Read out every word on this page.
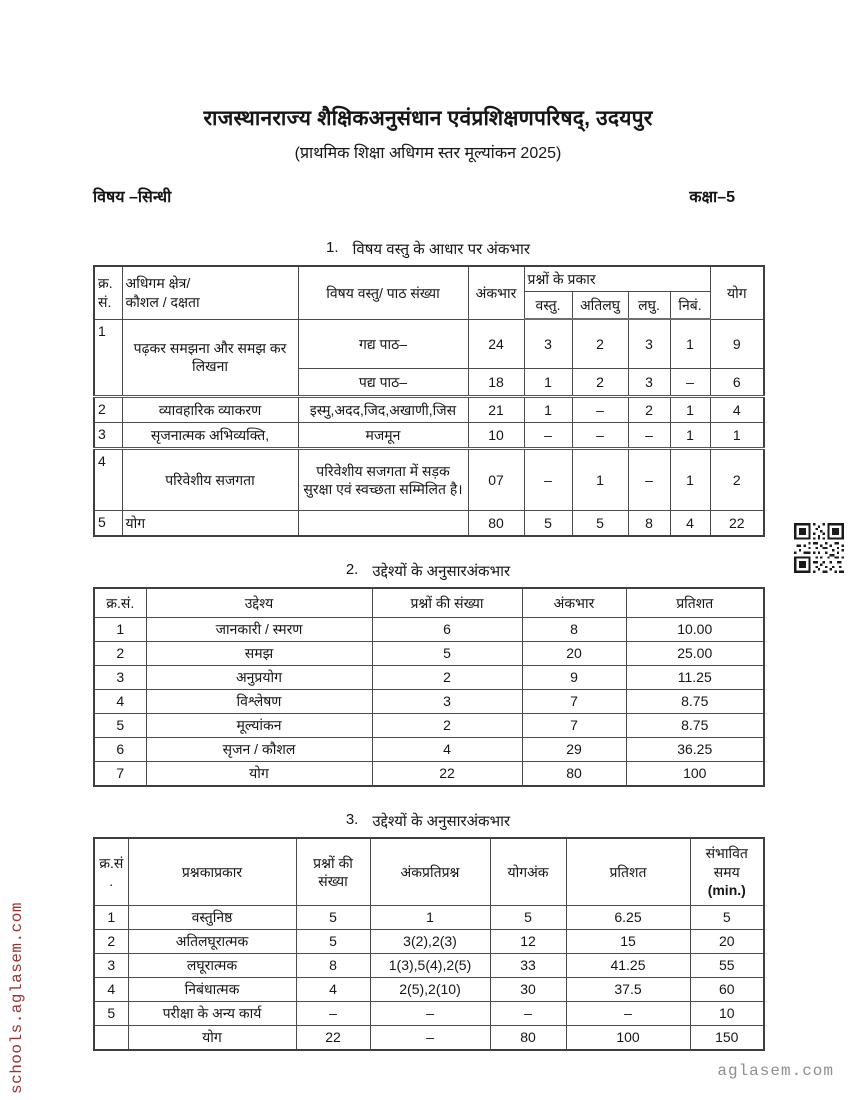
राजस्थानराज्य शैक्षिकअनुसंधान एवंप्रशिक्षणपरिषद्, उदयपुर
(प्राथमिक शिक्षा अधिगम स्तर मूल्यांकन 2025)
विषय –सिन्धी	कक्षा–5
1. विषय वस्तु के आधार पर अंकभार
क्र.
सं.	अधिगम क्षेत्र/
कौशल / दक्षता	विषय वस्तु/ पाठ संख्या	अंकभार	प्रश्नों के प्रकार				योग
				वस्तु.	अतिलघु	लघु.	निबं.	
1	पढ़कर समझना और समझ कर लिखना	गद्य पाठ–	24	3	2	3	1	9
		पद्य पाठ–	18	1	2	3	–	6
2	व्यावहारिक व्याकरण	इस्मु,अदद,जिद,अखाणी,जिस	21	1	–	2	1	4
3	सृजनात्मक अभिव्यक्ति,	मजमून	10	–	–	–	1	1
4	परिवेशीय सजगता	परिवेशीय सजगता में सड़क सुरक्षा एवं स्वच्छता सम्मिलित है।	07	–	1	–	1	2
5	योग		80	5	5	8	4	22
2. उद्देश्यों के अनुसारअंकभार
क्र.सं.	उद्देश्य	प्रश्नों की संख्या	अंकभार	प्रतिशत
1	जानकारी / स्मरण	6	8	10.00
2	समझ	5	20	25.00
3	अनुप्रयोग	2	9	11.25
4	विश्लेषण	3	7	8.75
5	मूल्यांकन	2	7	8.75
6	सृजन / कौशल	4	29	36.25
7	योग	22	80	100
3. उद्देश्यों के अनुसारअंकभार
क्र.सं.	प्रश्नकाप्रकार	प्रश्नों की संख्या	अंकप्रतिप्रश्न	योगअंक	प्रतिशत	संभावित समय
(min.)
1	वस्तुनिष्ठ	5	1	5	6.25	5
2	अतिलघूरात्मक	5	3(2),2(3)	12	15	20
3	लघूरात्मक	8	1(3),5(4),2(5)	33	41.25	55
4	निबंधात्मक	4	2(5),2(10)	30	37.5	60
5	परीक्षा के अन्य कार्य	–	–	–	–	10
	योग	22	–	80	100	150
schools.aglasem.com	aglasem.com
